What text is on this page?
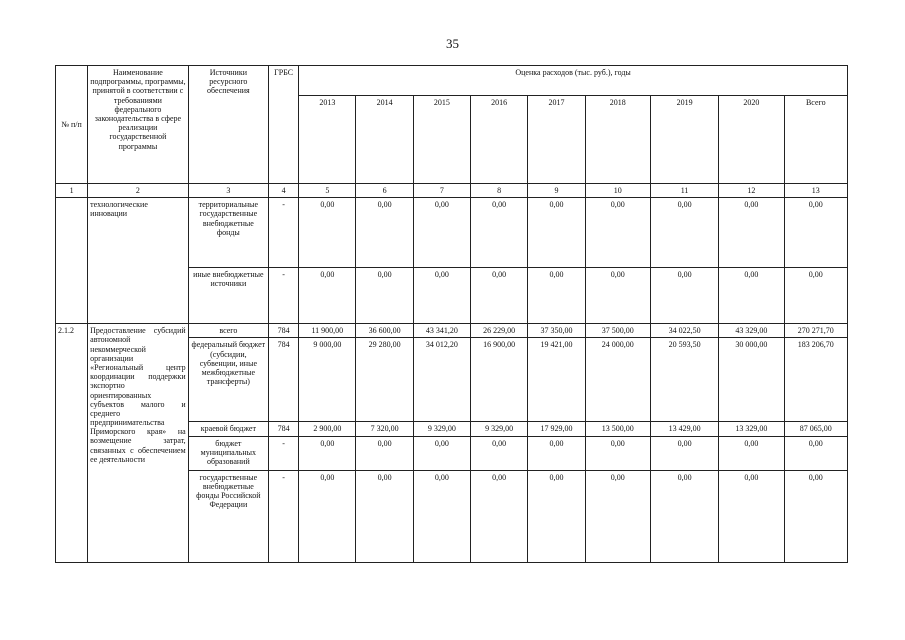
35
№ п/п	Наименование подпрограммы, программы, принятой в соответствии с требованиями федерального законодательства в сфере реализации государственной программы	Источники ресурсного обеспечения	ГРБС	Оценка расходов (тыс. руб.), годы								
				2013	2014	2015	2016	2017	2018	2019	2020	Всего
1	2	3	4	5	6	7	8	9	10	11	12	13
	технологические инновации	территориальные государственные внебюджетные фонды	-	0,00	0,00	0,00	0,00	0,00	0,00	0,00	0,00	0,00
		иные внебюджетные источники	-	0,00	0,00	0,00	0,00	0,00	0,00	0,00	0,00	0,00
2.1.2	Предоставление субсидий автономной некоммерческой организации «Региональный центр координации поддержки экспортно ориентированных субъектов малого и среднего предпринимательства Приморского края» на возмещение затрат, связанных с обеспечением ее деятельности	всего	784	11 900,00	36 600,00	43 341,20	26 229,00	37 350,00	37 500,00	34 022,50	43 329,00	270 271,70
		федеральный бюджет (субсидии, субвенции, иные межбюджетные трансферты)	784	9 000,00	29 280,00	34 012,20	16 900,00	19 421,00	24 000,00	20 593,50	30 000,00	183 206,70
		краевой бюджет	784	2 900,00	7 320,00	9 329,00	9 329,00	17 929,00	13 500,00	13 429,00	13 329,00	87 065,00
		бюджет муниципальных образований	-	0,00	0,00	0,00	0,00	0,00	0,00	0,00	0,00	0,00
		государственные внебюджетные фонды Российской Федерации	-	0,00	0,00	0,00	0,00	0,00	0,00	0,00	0,00	0,00
